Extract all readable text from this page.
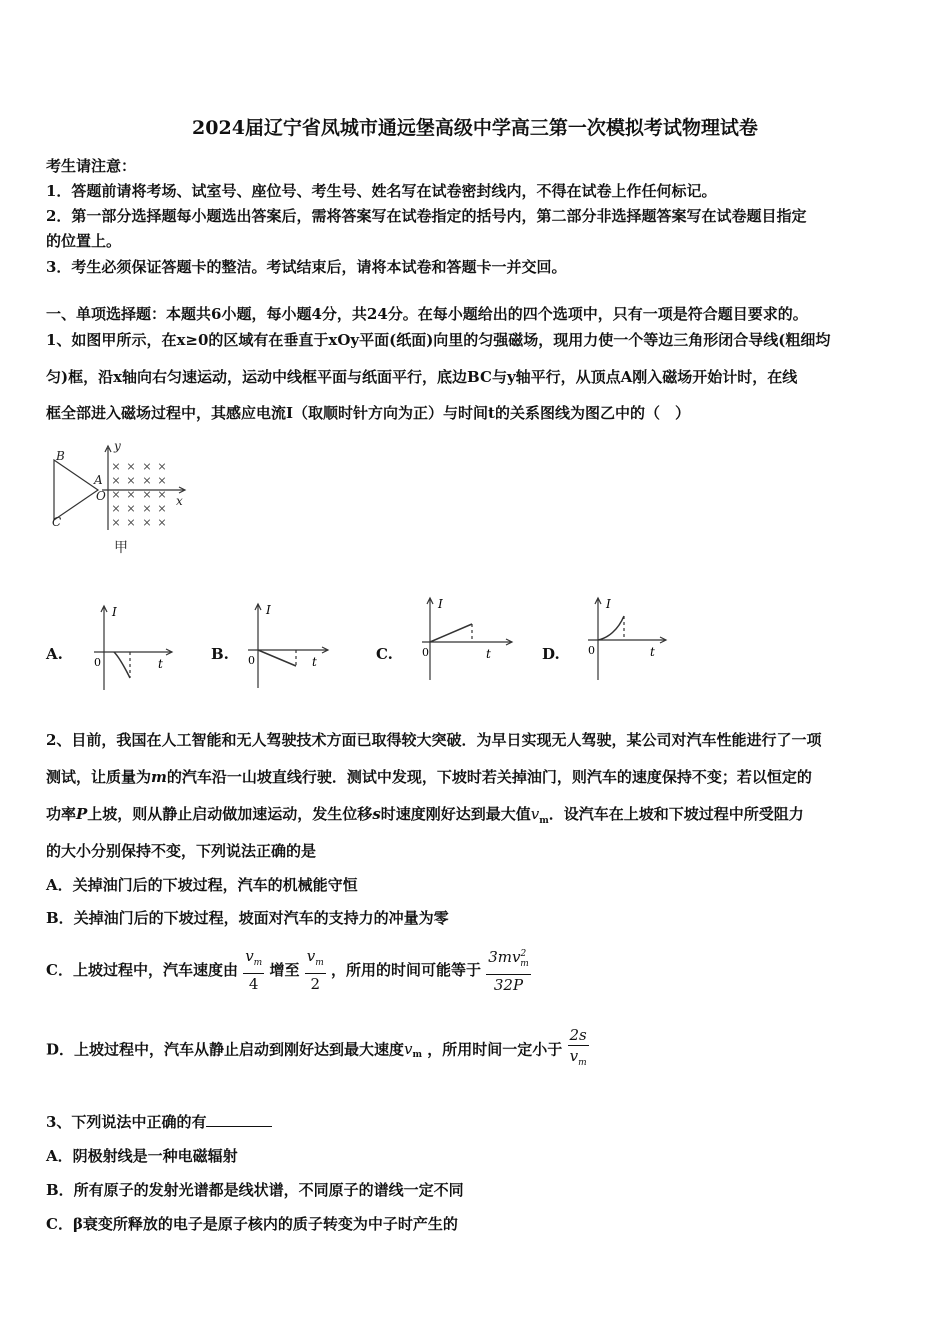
2024届辽宁省凤城市通远堡高级中学高三第一次模拟考试物理试卷
考生请注意：
1．答题前请将考场、试室号、座位号、考生号、姓名写在试卷密封线内，不得在试卷上作任何标记。
2．第一部分选择题每小题选出答案后，需将答案写在试卷指定的括号内，第二部分非选择题答案写在试卷题目指定
的位置上。
3．考生必须保证答题卡的整洁。考试结束后，请将本试卷和答题卡一并交回。
一、单项选择题：本题共6小题，每小题4分，共24分。在每小题给出的四个选项中，只有一项是符合题目要求的。
1、如图甲所示，在x≥0的区域有在垂直于xOy平面(纸面)向里的匀强磁场，现用力使一个等边三角形闭合导线(粗细均
匀)框，沿x轴向右匀速运动，运动中线框平面与纸面平行，底边BC与y轴平行，从顶点A刚入磁场开始计时，在线
框全部进入磁场过程中，其感应电流I（取顺时针方向为正）与时间t的关系图线为图乙中的（　）
× × × ×
× × × ×
× × × ×
× × × ×
× × × ×
B
A
O
C
y
x
甲
A.
I
0	t
B.
I
0	t	C.
I
0	t	D.
I
0	t
2、目前，我国在人工智能和无人驾驶技术方面已取得较大突破．为早日实现无人驾驶，某公司对汽车性能进行了一项
测试，让质量为m的汽车沿一山坡直线行驶．测试中发现，下坡时若关掉油门，则汽车的速度保持不变；若以恒定的
功率P上坡，则从静止启动做加速运动，发生位移s时速度刚好达到最大值$v_m$．设汽车在上坡和下坡过程中所受阻力
的大小分别保持不变，下列说法正确的是
A．关掉油门后的下坡过程，汽车的机械能守恒
B．关掉油门后的下坡过程，坡面对汽车的支持力的冲量为零
C．上坡过程中，汽车速度由 $\frac{v_m}{4}$ 增至 $\frac{v_m}{2}$ ，所用的时间可能等于 $\frac{3mv^2_m}{32P}$
D．上坡过程中，汽车从静止启动到刚好达到最大速度$v_m$ ，所用时间一定小于 $\frac{2s}{v_m}$
3、下列说法中正确的有
A．阴极射线是一种电磁辐射
B．所有原子的发射光谱都是线状谱，不同原子的谱线一定不同
C．β衰变所释放的电子是原子核内的质子转变为中子时产生的
